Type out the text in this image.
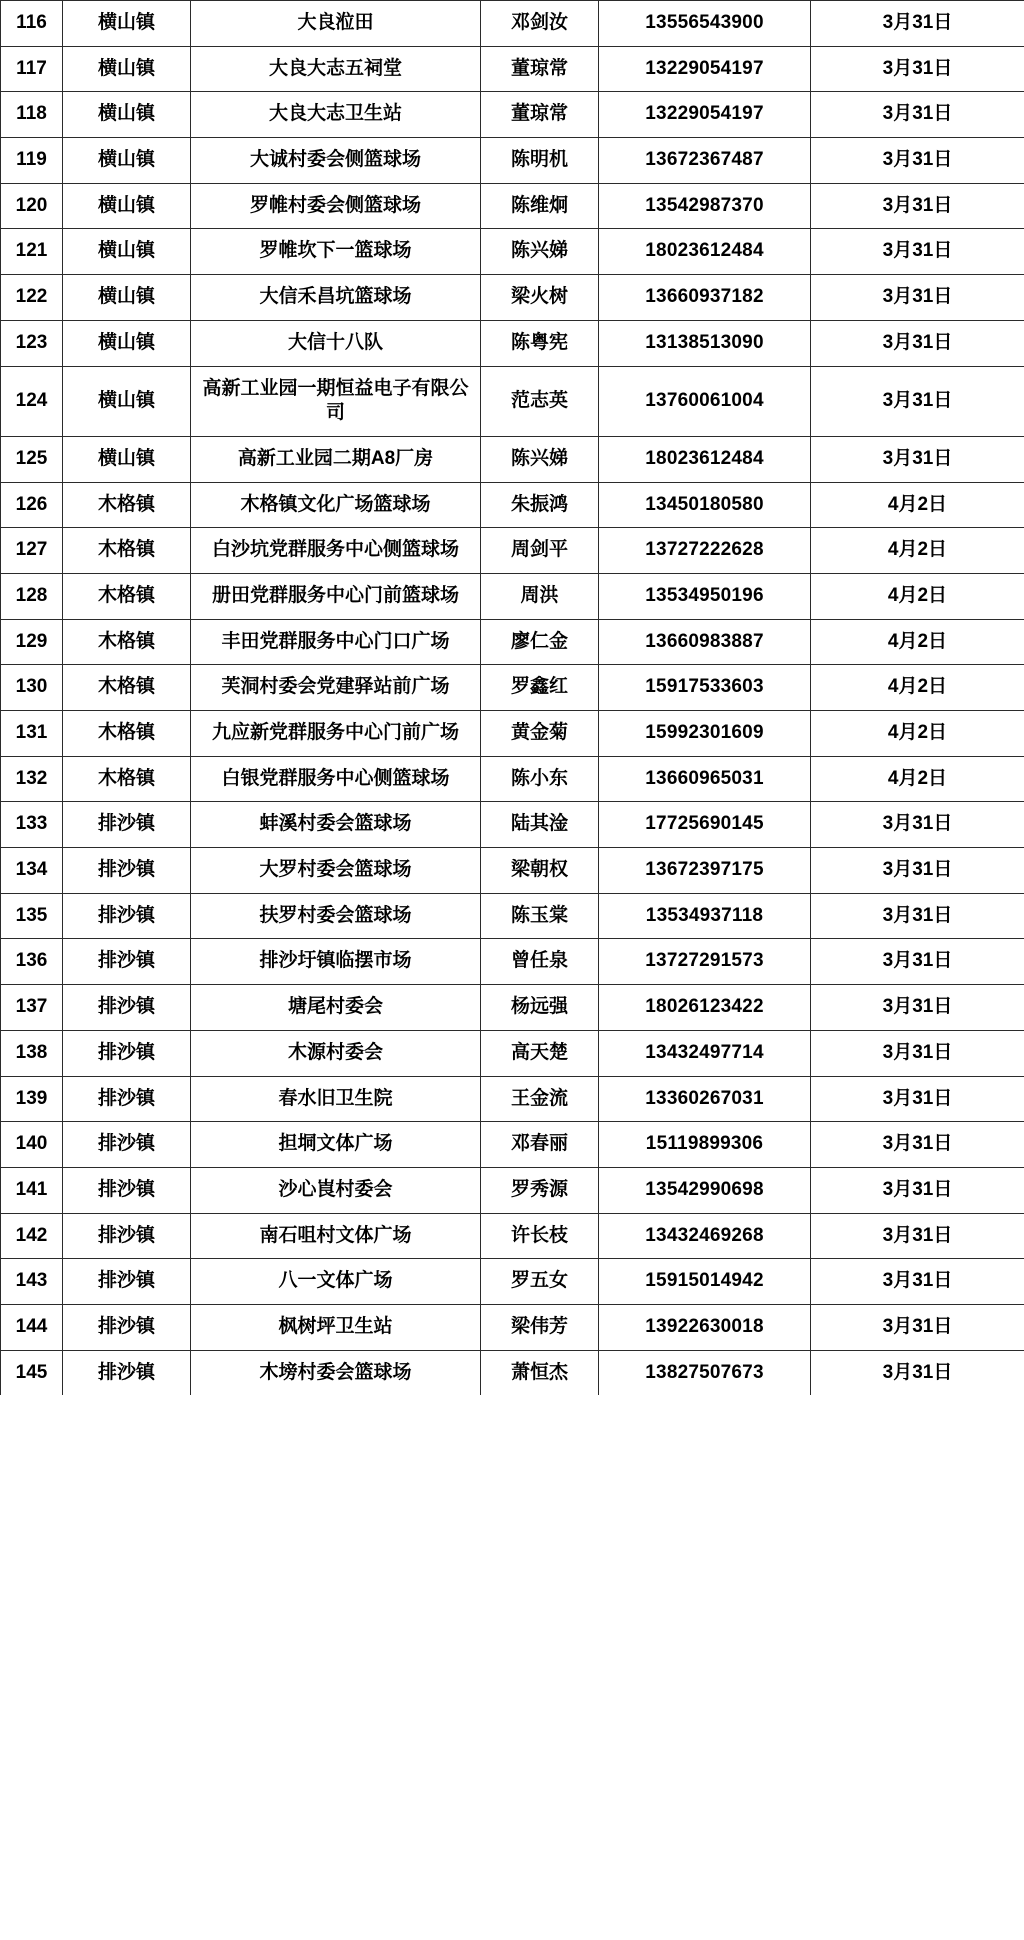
116	横山镇	大良涖田	邓剑汝	13556543900	3月31日
117	横山镇	大良大志五祠堂	董琼常	13229054197	3月31日
118	横山镇	大良大志卫生站	董琼常	13229054197	3月31日
119	横山镇	大诚村委会侧篮球场	陈明机	13672367487	3月31日
120	横山镇	罗帷村委会侧篮球场	陈维炯	13542987370	3月31日
121	横山镇	罗帷坎下一篮球场	陈兴娣	18023612484	3月31日
122	横山镇	大信禾昌坑篮球场	梁火树	13660937182	3月31日
123	横山镇	大信十八队	陈粤宪	13138513090	3月31日
124	横山镇	高新工业园一期恒益电子有限公司	范志英	13760061004	3月31日
125	横山镇	高新工业园二期A8厂房	陈兴娣	18023612484	3月31日
126	木格镇	木格镇文化广场篮球场	朱振鸿	13450180580	4月2日
127	木格镇	白沙坑党群服务中心侧篮球场	周剑平	13727222628	4月2日
128	木格镇	册田党群服务中心门前篮球场	周洪	13534950196	4月2日
129	木格镇	丰田党群服务中心门口广场	廖仁金	13660983887	4月2日
130	木格镇	芙洞村委会党建驿站前广场	罗鑫红	15917533603	4月2日
131	木格镇	九应新党群服务中心门前广场	黄金菊	15992301609	4月2日
132	木格镇	白银党群服务中心侧篮球场	陈小东	13660965031	4月2日
133	排沙镇	蚌溪村委会篮球场	陆其淦	17725690145	3月31日
134	排沙镇	大罗村委会篮球场	梁朝权	13672397175	3月31日
135	排沙镇	扶罗村委会篮球场	陈玉棠	13534937118	3月31日
136	排沙镇	排沙圩镇临摆市场	曾任泉	13727291573	3月31日
137	排沙镇	塘尾村委会	杨远强	18026123422	3月31日
138	排沙镇	木源村委会	高天楚	13432497714	3月31日
139	排沙镇	春水旧卫生院	王金流	13360267031	3月31日
140	排沙镇	担垌文体广场	邓春丽	15119899306	3月31日
141	排沙镇	沙心崀村委会	罗秀源	13542990698	3月31日
142	排沙镇	南石咀村文体广场	许长枝	13432469268	3月31日
143	排沙镇	八一文体广场	罗五女	15915014942	3月31日
144	排沙镇	枫树坪卫生站	梁伟芳	13922630018	3月31日
145	排沙镇	木塝村委会篮球场	萧恒杰	13827507673	3月31日
